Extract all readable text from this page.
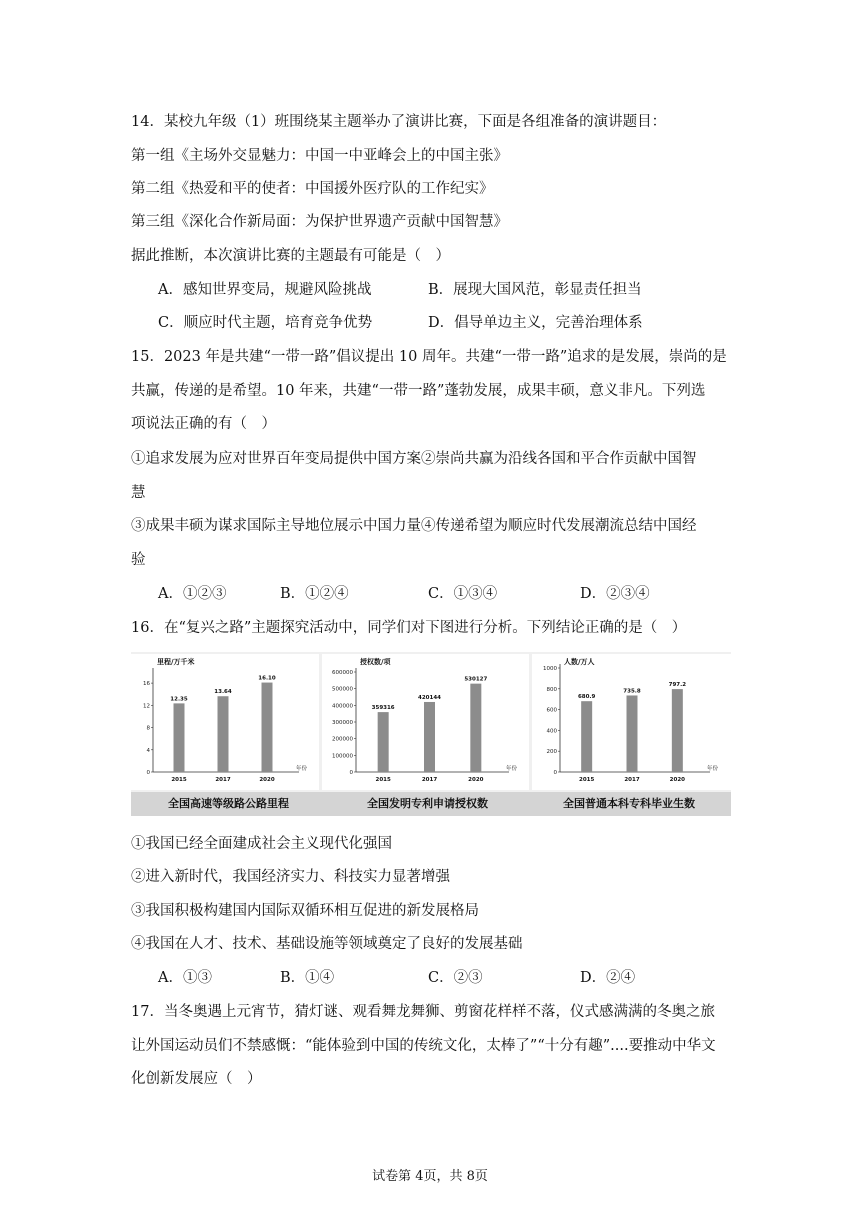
14．某校九年级（1）班围绕某主题举办了演讲比赛，下面是各组准备的演讲题目：
第一组《主场外交显魅力：中国一中亚峰会上的中国主张》
第二组《热爱和平的使者：中国援外医疗队的工作纪实》
第三组《深化合作新局面：为保护世界遗产贡献中国智慧》
据此推断，本次演讲比赛的主题最有可能是（　）
A．感知世界变局，规避风险挑战	B．展现大国风范，彰显责任担当
C．顺应时代主题，培育竞争优势	D．倡导单边主义，完善治理体系
15．2023 年是共建“一带一路”倡议提出 10 周年。共建“一带一路”追求的是发展，崇尚的是
共赢，传递的是希望。10 年来，共建“一带一路”蓬勃发展，成果丰硕，意义非凡。下列选
项说法正确的有（　）
①追求发展为应对世界百年变局提供中国方案②崇尚共赢为沿线各国和平合作贡献中国智
慧
③成果丰硕为谋求国际主导地位展示中国力量④传递希望为顺应时代发展潮流总结中国经
验
A．①②③	B．①②④	C．①③④	D．②③④
16．在“复兴之路”主题探究活动中，同学们对下图进行分析。下列结论正确的是（　）
0
4
8
12
16
里程/万千米
年份
12.35
2015
13.64
2017
16.10
2020
0
100000
200000
300000
400000
500000
600000
授权数/项
年份
359316
2015
420144
2017
530127
2020
0
200
400
600
800
1000
人数/万人
年份
680.9
2015
735.8
2017
797.2
2020
全国高速等级路公路里程	全国发明专利申请授权数	全国普通本科专科毕业生数
①我国已经全面建成社会主义现代化强国
②进入新时代，我国经济实力、科技实力显著增强
③我国积极构建国内国际双循环相互促进的新发展格局
④我国在人才、技术、基础设施等领域奠定了良好的发展基础
A．①③	B．①④	C．②③	D．②④
17．当冬奥遇上元宵节，猜灯谜、观看舞龙舞狮、剪窗花样样不落，仪式感满满的冬奥之旅
让外国运动员们不禁感慨：“能体验到中国的传统文化，太棒了”“十分有趣”....要推动中华文
化创新发展应（　）
试卷第 4页，共 8页
